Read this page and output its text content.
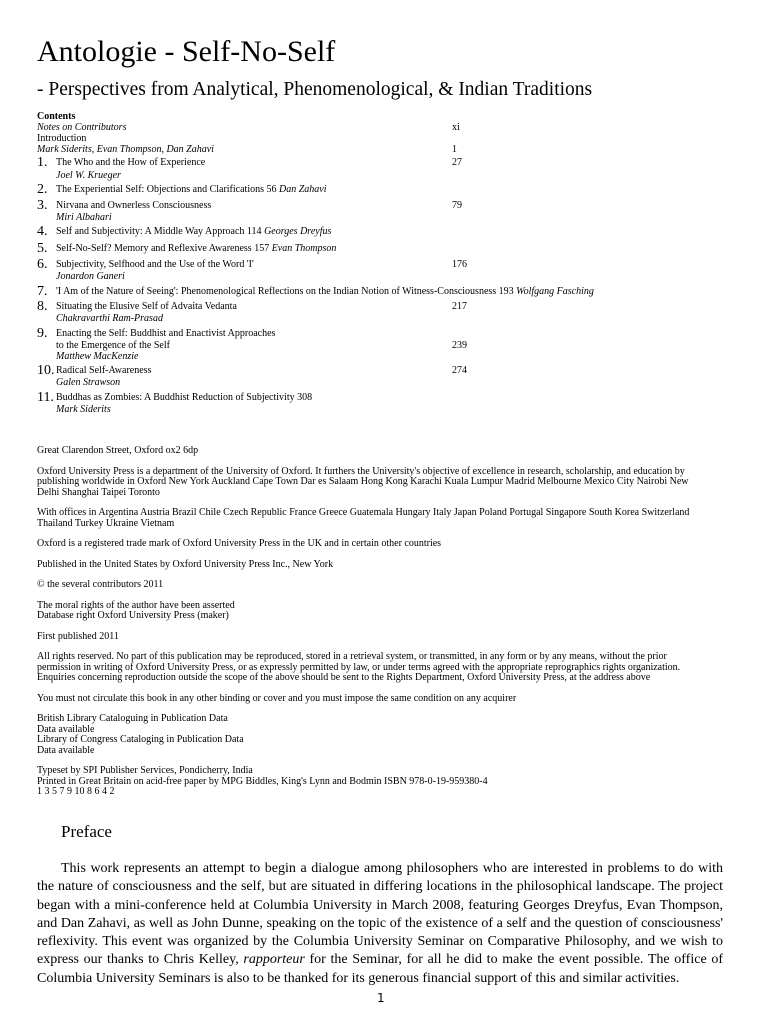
Antologie - Self-No-Self
- Perspectives from Analytical, Phenomenological, & Indian Traditions
Contents
Notes on Contributors	xi
Introduction
Mark Siderits, Evan Thompson, Dan Zahavi	1
1. The Who and the How of Experience	27
Joel W. Krueger
2. The Experiential Self: Objections and Clarifications 56 Dan Zahavi
3. Nirvana and Ownerless Consciousness	79
Miri Albahari
4. Self and Subjectivity: A Middle Way Approach 114 Georges Dreyfus
5. Self-No-Self? Memory and Reflexive Awareness 157 Evan Thompson
6. Subjectivity, Selfhood and the Use of the Word 'I'	176
Jonardon Ganeri
7. 'I Am of the Nature of Seeing': Phenomenological Reflections on the Indian Notion of Witness-Consciousness 193 Wolfgang Fasching
8. Situating the Elusive Self of Advaita Vedanta	217
Chakravarthi Ram-Prasad
9. Enacting the Self: Buddhist and Enactivist Approaches
to the Emergence of the Self	239
Matthew MacKenzie
10. Radical Self-Awareness	274
Galen Strawson
11. Buddhas as Zombies: A Buddhist Reduction of Subjectivity 308
Mark Siderits

Great Clarendon Street, Oxford ox2 6dp

Oxford University Press is a department of the University of Oxford. It furthers the University's objective of excellence in research, scholarship, and education by
publishing worldwide in Oxford New York Auckland Cape Town Dar es Salaam Hong Kong Karachi Kuala Lumpur Madrid Melbourne Mexico City Nairobi New
Delhi Shanghai Taipei Toronto

With offices in Argentina Austria Brazil Chile Czech Republic France Greece Guatemala Hungary Italy Japan Poland Portugal Singapore South Korea Switzerland
Thailand Turkey Ukraine Vietnam

Oxford is a registered trade mark of Oxford University Press in the UK and in certain other countries

Published in the United States by Oxford University Press Inc., New York

© the several contributors 2011

The moral rights of the author have been asserted
Database right Oxford University Press (maker)

First published 2011

All rights reserved. No part of this publication may be reproduced, stored in a retrieval system, or transmitted, in any form or by any means, without the prior
permission in writing of Oxford University Press, or as expressly permitted by law, or under terms agreed with the appropriate reprographics rights organization.
Enquiries concerning reproduction outside the scope of the above should be sent to the Rights Department, Oxford University Press, at the address above

You must not circulate this book in any other binding or cover and you must impose the same condition on any acquirer

British Library Cataloguing in Publication Data
Data available
Library of Congress Cataloging in Publication Data
Data available

Typeset by SPI Publisher Services, Pondicherry, India
Printed in Great Britain on acid-free paper by MPG Biddles, King's Lynn and Bodmin ISBN 978-0-19-959380-4
1 3 5 7 9 10 8 6 4 2

Preface

This work represents an attempt to begin a dialogue among philosophers who are interested in problems to do with the nature of consciousness and the self, but are situated in differing locations in the philosophical landscape. The project began with a mini-conference held at Columbia University in March 2008, featuring Georges Dreyfus, Evan Thompson, and Dan Zahavi, as well as John Dunne, speaking on the topic of the existence of a self and the question of consciousness' reflexivity. This event was organized by the Columbia University Seminar on Comparative Philosophy, and we wish to express our thanks to Chris Kelley, rapporteur for the Seminar, for all he did to make the event possible. The office of Columbia University Seminars is also to be thanked for its generous financial support of this and similar activities.

1
